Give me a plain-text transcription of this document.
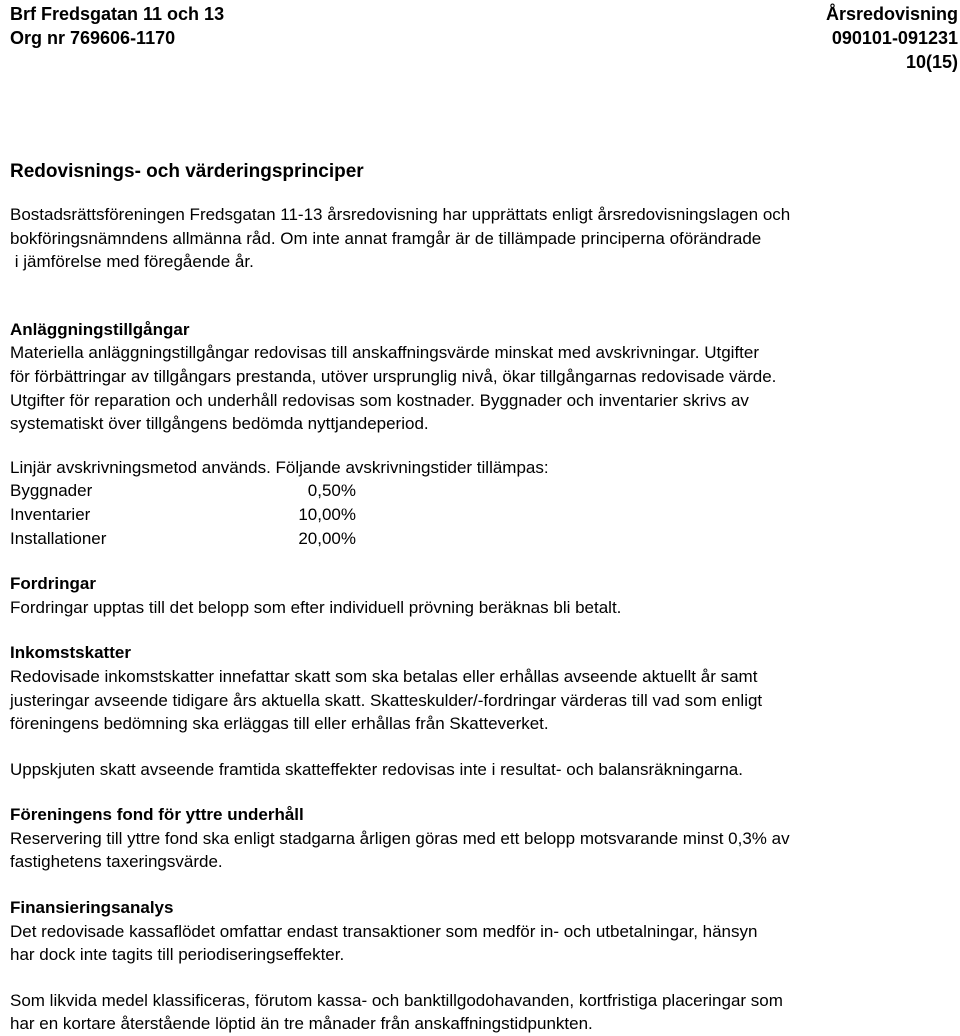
Brf Fredsgatan 11 och 13	Årsredovisning
Org nr 769606-1170	090101-091231
10(15)
Redovisnings- och värderingsprinciper

Bostadsrättsföreningen Fredsgatan 11-13 årsredovisning har upprättats enligt årsredovisningslagen och

bokföringsnämndens allmänna råd. Om inte annat framgår är de tillämpade principerna oförändrade

i jämförelse med föregående år.

Anläggningstillgångar

Materiella anläggningstillgångar redovisas till anskaffningsvärde minskat med avskrivningar. Utgifter

för förbättringar av tillgångars prestanda, utöver ursprunglig nivå, ökar tillgångarnas redovisade värde.

Utgifter för reparation och underhåll redovisas som kostnader. Byggnader och inventarier skrivs av

systematiskt över tillgångens bedömda nyttjandeperiod.

Linjär avskrivningsmetod används. Följande avskrivningstider tillämpas:

Byggnader	0,50%
Inventarier	10,00%
Installationer	20,00%
Fordringar

Fordringar upptas till det belopp som efter individuell prövning beräknas bli betalt.

Inkomstskatter

Redovisade inkomstskatter innefattar skatt som ska betalas eller erhållas avseende aktuellt år samt

justeringar avseende tidigare års aktuella skatt. Skatteskulder/-fordringar värderas till vad som enligt

föreningens bedömning ska erläggas till eller erhållas från Skatteverket.

Uppskjuten skatt avseende framtida skatteffekter redovisas inte i resultat- och balansräkningarna.

Föreningens fond för yttre underhåll

Reservering till yttre fond ska enligt stadgarna årligen göras med ett belopp motsvarande minst 0,3% av

fastighetens taxeringsvärde.

Finansieringsanalys

Det redovisade kassaflödet omfattar endast transaktioner som medför in- och utbetalningar, hänsyn

har dock inte tagits till periodiseringseffekter.

Som likvida medel klassificeras, förutom kassa- och banktillgodohavanden, kortfristiga placeringar som

har en kortare återstående löptid än tre månader från anskaffningstidpunkten.
